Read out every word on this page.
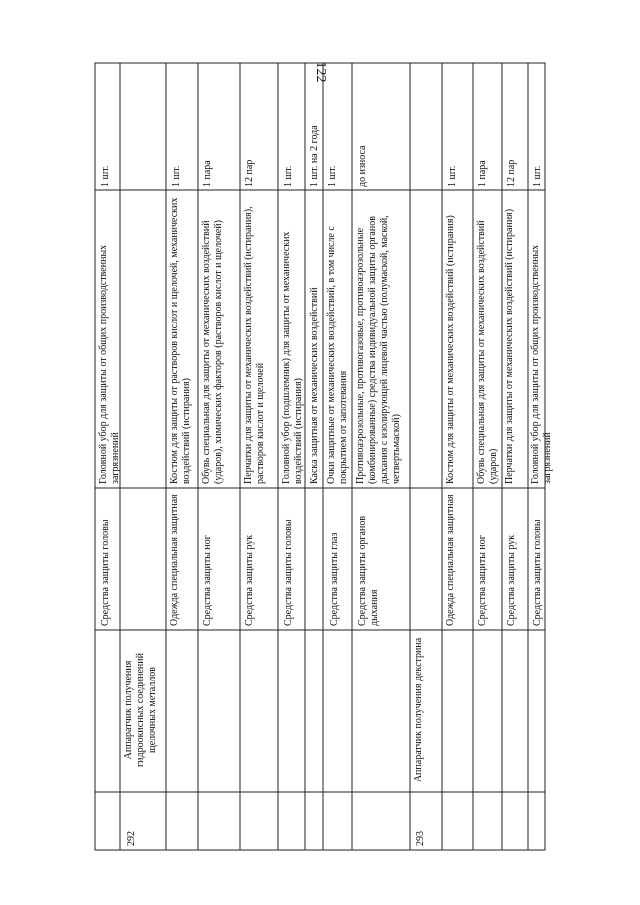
122
1 шт.
Головной убор для защиты от общих производственных загрязнений
Средства защиты головы
292
Аппаратчик получения гидроокисных соединений щелочных металлов
1 шт.
Костюм для защиты от растворов кислот и щелочей, механических воздействий (истирания)
Одежда специальная защитная
1 пара
Обувь специальная для защиты от механических воздействий (ударов), химических факторов (растворов кислот и щелочей)
Средства защиты ног
12 пар
Перчатки для защиты от механических воздействий (истирания), растворов кислот и щелочей
Средства защиты рук
1 шт.
Головной убор (подшлемник) для защиты от механических воздействий (истирания)
Средства защиты головы
1 шт. на 2 года
Каска защитная от механических воздействий
1 шт.
Очки защитные от механических воздействий, в том числе с покрытием от запотевания
Средства защиты глаз
до износа
Противоаэрозольные, противогазовые, противоаэрозольные (комбинированные) средства индивидуальной защиты органов дыхания с изолирующей лицевой частью (полумаской, маской, четвертьмаской)
Средства защиты органов дыхания
293
Аппаратчик получения декстрина
1 шт.
Костюм для защиты от механических воздействий (истирания)
Одежда специальная защитная
1 пара
Обувь специальная для защиты от механических воздействий (ударов)
Средства защиты ног
12 пар
Перчатки для защиты от механических воздействий (истирания)
Средства защиты рук
1 шт.
Головной убор для защиты от общих производственных загрязнений
Средства защиты головы
